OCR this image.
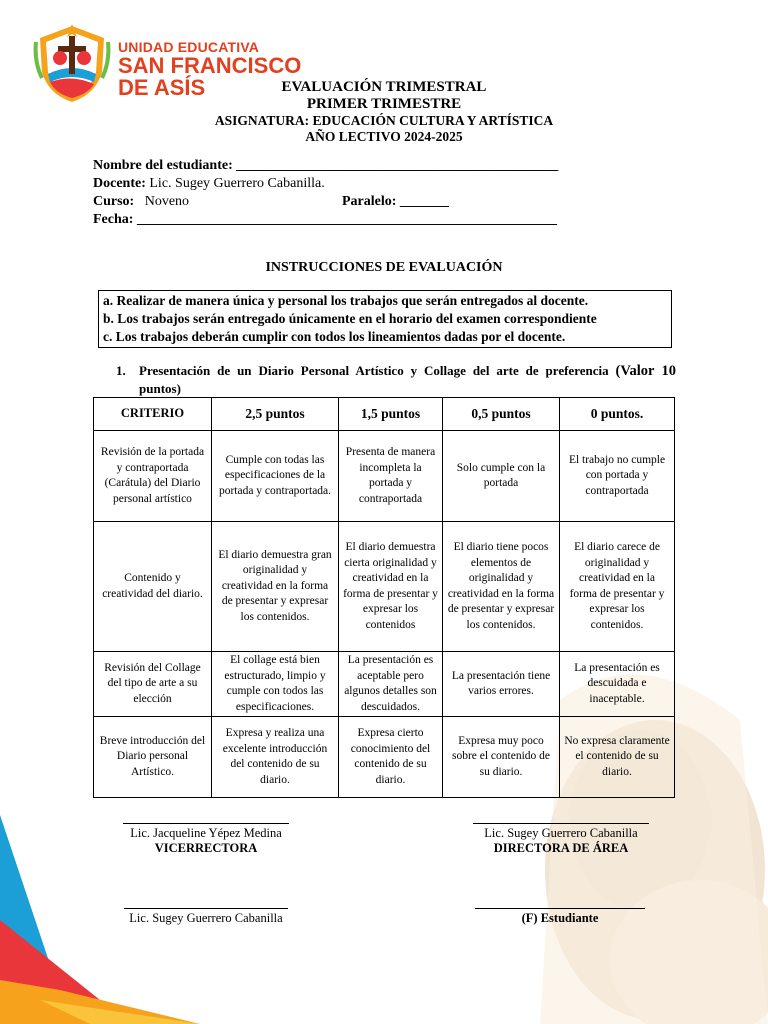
UNIDAD EDUCATIVA
SAN FRANCISCO
DE ASÍS	EVALUACIÓN TRIMESTRAL
PRIMER TRIMESTRE
ASIGNATURA: EDUCACIÓN CULTURA Y ARTÍSTICA
AÑO LECTIVO 2024-2025
Nombre del estudiante: ______________________________________________
Docente: Lic. Sugey Guerrero Cabanilla.
Curso: Noveno	Paralelo: _______
Fecha: ____________________________________________________________
INSTRUCCIONES DE EVALUACIÓN
a. Realizar de manera única y personal los trabajos que serán entregados al docente.
b. Los trabajos serán entregado únicamente en el horario del examen correspondiente
c. Los trabajos deberán cumplir con todos los lineamientos dadas por el docente.
1.	Presentación de un Diario Personal Artístico y Collage del arte de preferencia (Valor 10
puntos)
CRITERIO	2,5 puntos	1,5 puntos	0,5 puntos	0 puntos.
Revisión de la portada y contraportada (Carátula) del Diario personal artístico	Cumple con todas las especificaciones de la portada y contraportada.	Presenta de manera incompleta la portada y contraportada	Solo cumple con la portada	El trabajo no cumple con portada y contraportada
Contenido y creatividad del diario.	El diario demuestra gran originalidad y creatividad en la forma de presentar y expresar los contenidos.	El diario demuestra cierta originalidad y creatividad en la forma de presentar y expresar los contenidos	El diario tiene pocos elementos de originalidad y creatividad en la forma de presentar y expresar los contenidos.	El diario carece de originalidad y creatividad en la forma de presentar y expresar los contenidos.
Revisión del Collage del tipo de arte a su elección	El collage está bien estructurado, limpio y cumple con todos las especificaciones.	La presentación es aceptable pero algunos detalles son descuidados.	La presentación tiene varios errores.	La presentación es descuidada e inaceptable.
Breve introducción del Diario personal Artístico.	Expresa y realiza una excelente introducción del contenido de su diario.	Expresa cierto conocimiento del contenido de su diario.	Expresa muy poco sobre el contenido de su diario.	No expresa claramente el contenido de su diario.
Lic. Jacqueline Yépez Medina
VICERRECTORA
Lic. Sugey Guerrero Cabanilla
DIRECTORA DE ÁREA
Lic. Sugey Guerrero Cabanilla	(F) Estudiante
